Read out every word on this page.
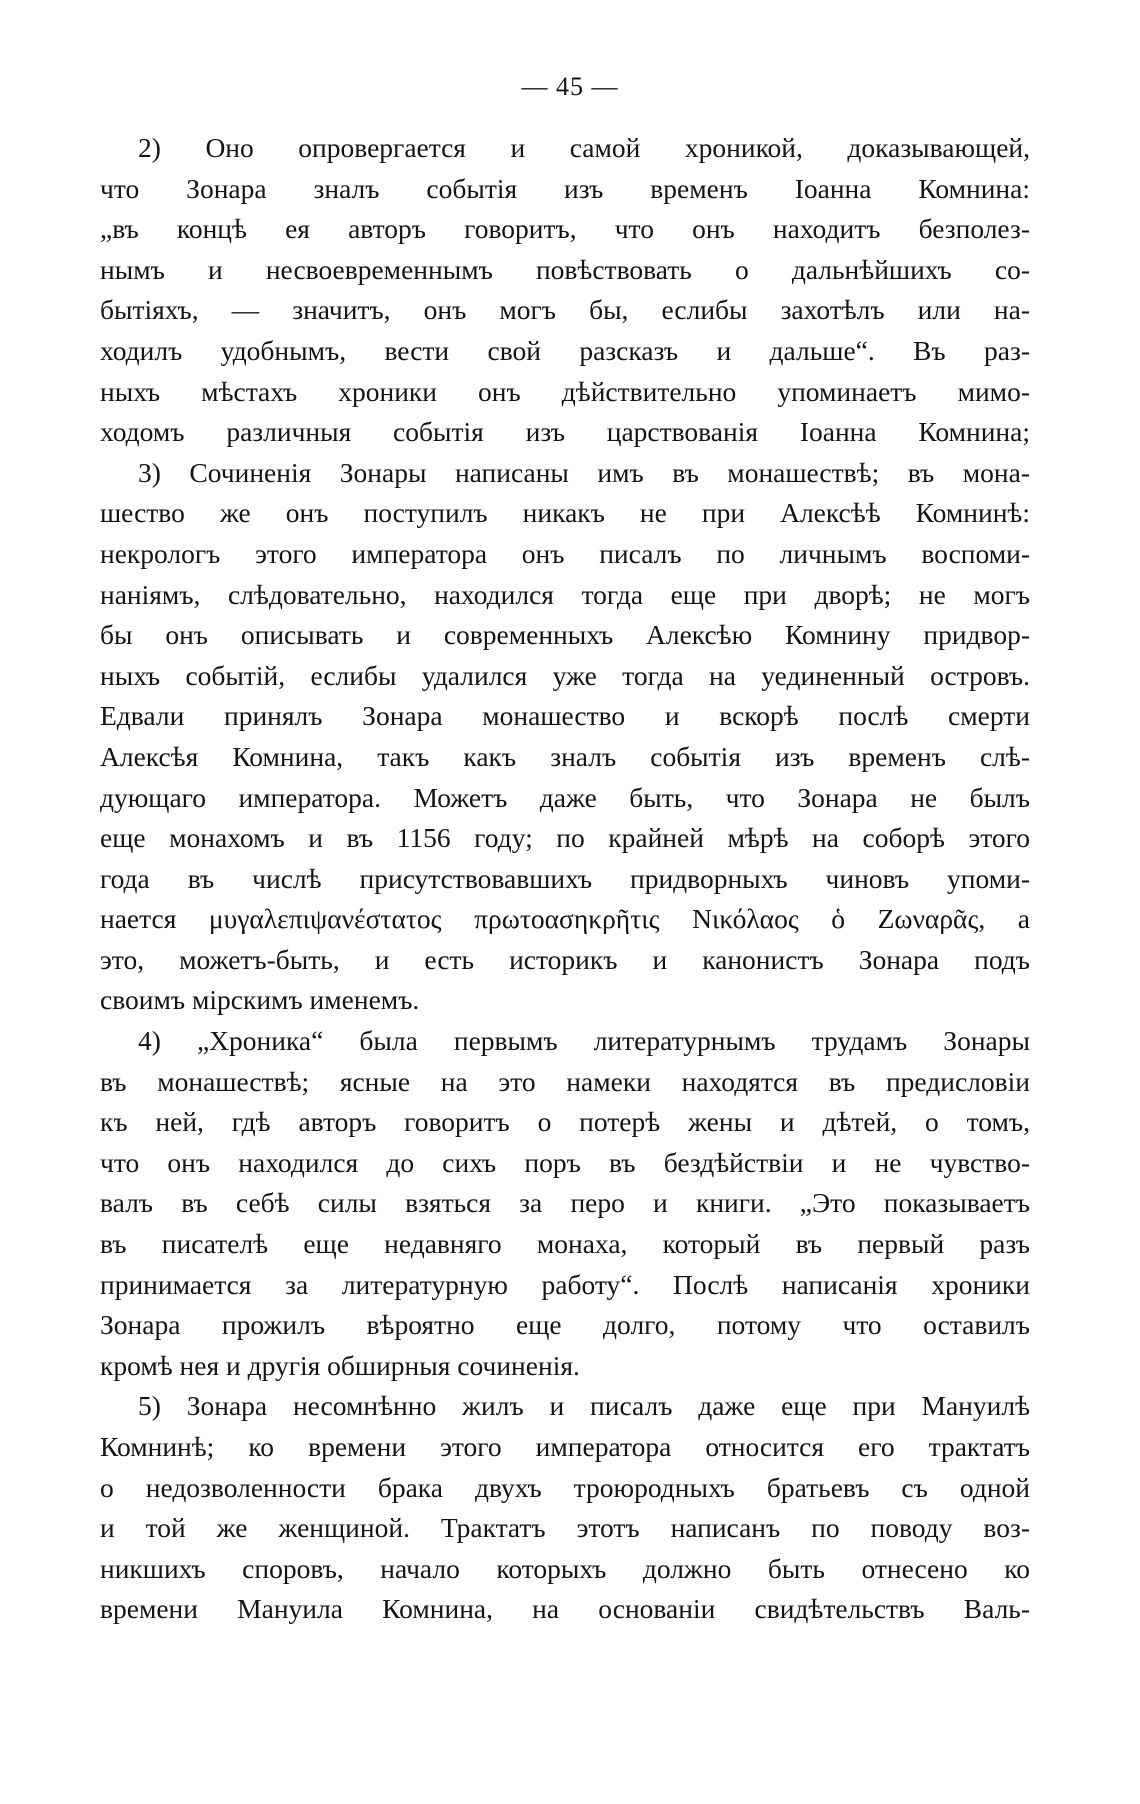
— 45 —
2) Оно опровергается и самой хроникой, доказывающей,
что Зонара зналъ событія изъ временъ Іоанна Комнина:
„въ концѣ ея авторъ говоритъ, что онъ находитъ безполез-
нымъ и несвоевременнымъ повѣствовать о дальнѣйшихъ со-
бытіяхъ, — значитъ, онъ могъ бы, еслибы захотѣлъ или на-
ходилъ удобнымъ, вести свой разсказъ и дальше“. Въ раз-
ныхъ мѣстахъ хроники онъ дѣйствительно упоминаетъ мимо-
ходомъ различныя событія изъ царствованія Іоанна Комнина;
3) Сочиненія Зонары написаны имъ въ монашествѣ; въ мона-
шество же онъ поступилъ никакъ не при Алексѣѣ Комнинѣ:
некрологъ этого императора онъ писалъ по личнымъ воспоми-
наніямъ, слѣдовательно, находился тогда еще при дворѣ; не могъ
бы онъ описывать и современныхъ Алексѣю Комнину придвор-
ныхъ событій, еслибы удалился уже тогда на уединенный островъ.
Едвали принялъ Зонара монашество и вскорѣ послѣ смерти
Алексѣя Комнина, такъ какъ зналъ событія изъ временъ слѣ-
дующаго императора. Можетъ даже быть, что Зонара не былъ
еще монахомъ и въ 1156 году; по крайней мѣрѣ на соборѣ этого
года въ числѣ присутствовавшихъ придворныхъ чиновъ упоми-
нается μυγαλεπιψανέστατος πρωτοασηκρῆτις Νικόλαος ὁ Ζωναρᾶς, а
это, можетъ-быть, и есть историкъ и канонистъ Зонара подъ
своимъ мірскимъ именемъ.
4) „Хроника“ была первымъ литературнымъ трудамъ Зонары
въ монашествѣ; ясные на это намеки находятся въ предисловіи
къ ней, гдѣ авторъ говоритъ о потерѣ жены и дѣтей, о томъ,
что онъ находился до сихъ поръ въ бездѣйствіи и не чувство-
валъ въ себѣ силы взяться за перо и книги. „Это показываетъ
въ писателѣ еще недавняго монаха, который въ первый разъ
принимается за литературную работу“. Послѣ написанія хроники
Зонара прожилъ вѣроятно еще долго, потому что оставилъ
кромѣ нея и другія обширныя сочиненія.
5) Зонара несомнѣнно жилъ и писалъ даже еще при Мануилѣ
Комнинѣ; ко времени этого императора относится его трактатъ
о недозволенности брака двухъ троюродныхъ братьевъ съ одной
и той же женщиной. Трактатъ этотъ написанъ по поводу воз-
никшихъ споровъ, начало которыхъ должно быть отнесено ко
времени Мануила Комнина, на основаніи свидѣтельствъ Валь-
